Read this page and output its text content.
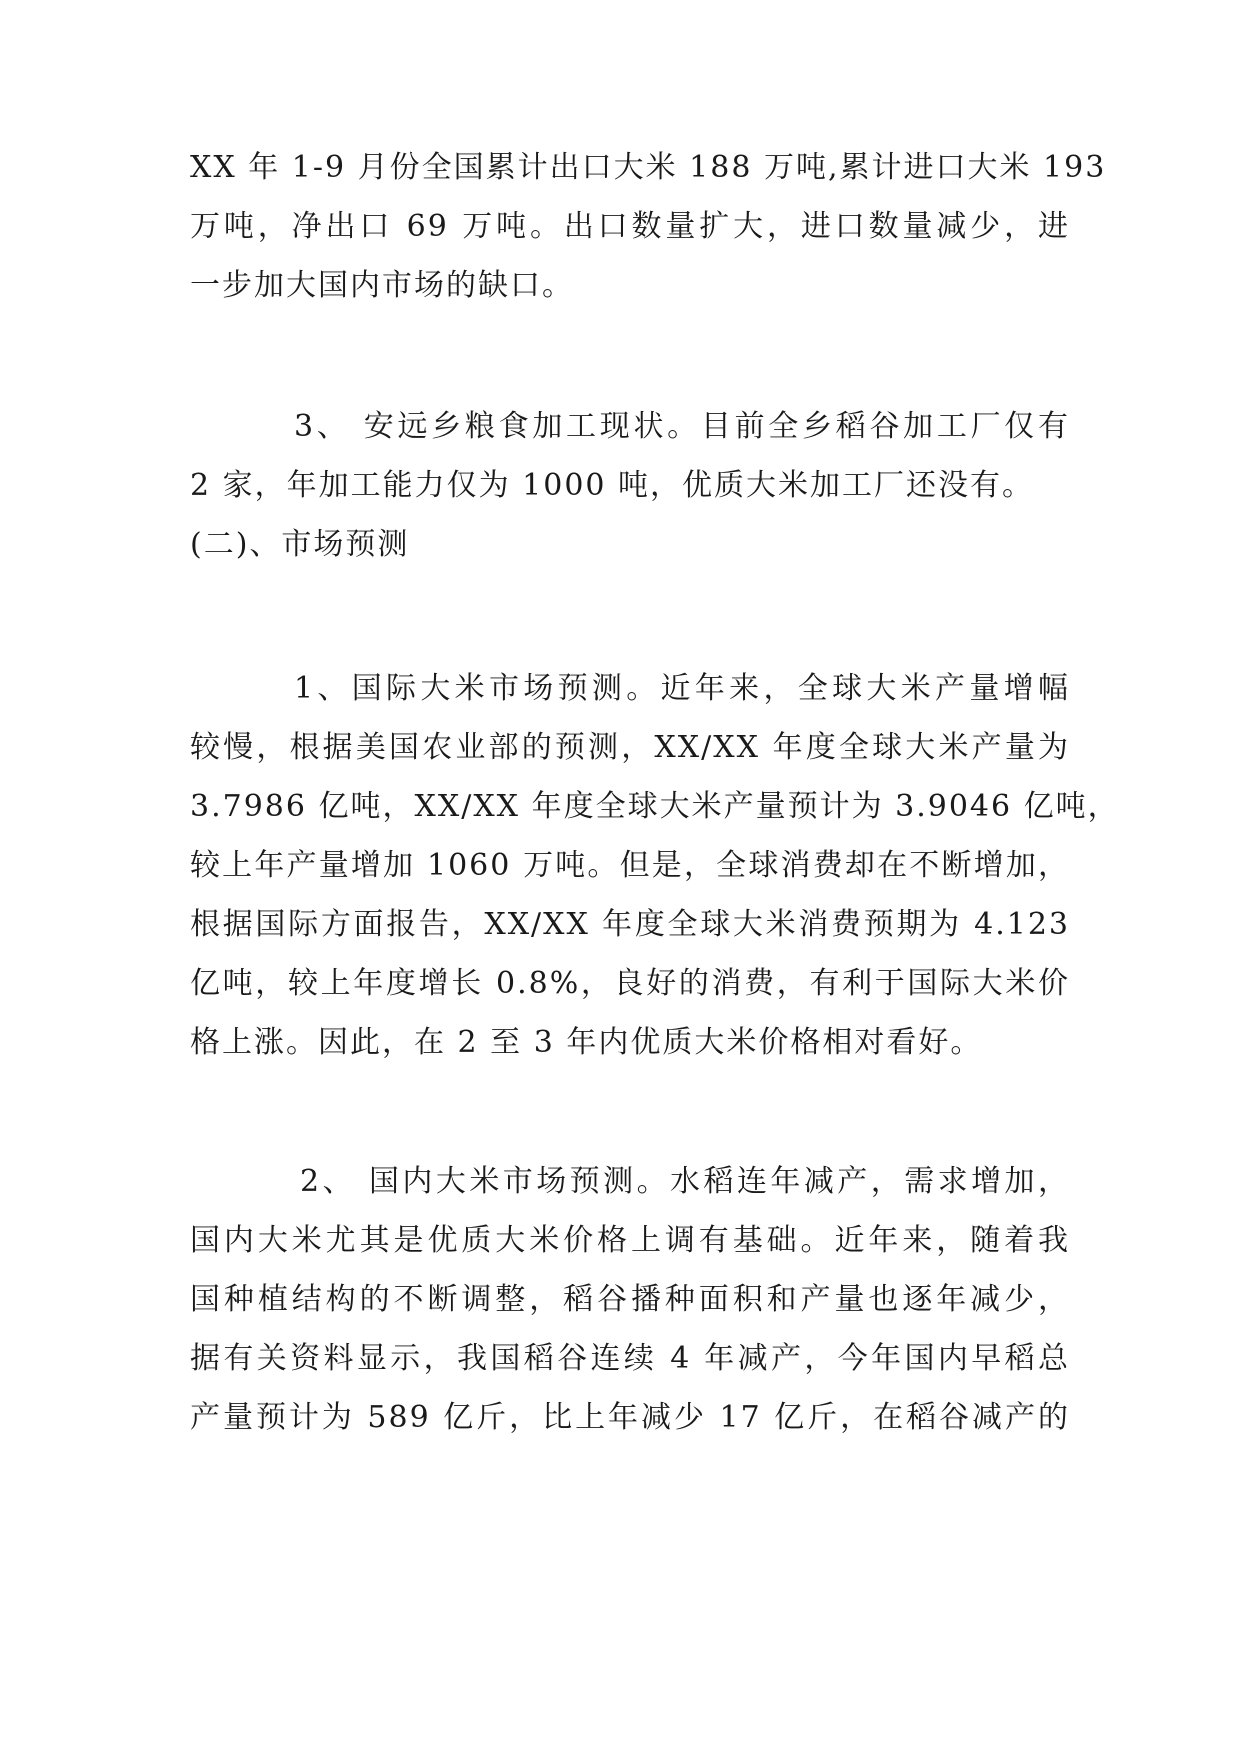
XX 年 1-9 月份全国累计出口大米 188 万吨,累计进口大米 193
万吨，净出口 69 万吨。出口数量扩大，进口数量减少，进
一步加大国内市场的缺口。
3、 安远乡粮食加工现状。目前全乡稻谷加工厂仅有
2 家，年加工能力仅为 1000 吨，优质大米加工厂还没有。
(二)、市场预测
1、国际大米市场预测。近年来，全球大米产量增幅
较慢，根据美国农业部的预测，XX/XX 年度全球大米产量为
3.7986 亿吨，XX/XX 年度全球大米产量预计为 3.9046 亿吨，
较上年产量增加 1060 万吨。但是，全球消费却在不断增加，
根据国际方面报告，XX/XX 年度全球大米消费预期为 4.123
亿吨，较上年度增长 0.8%，良好的消费，有利于国际大米价
格上涨。因此，在 2 至 3 年内优质大米价格相对看好。
2、 国内大米市场预测。水稻连年减产，需求增加，
国内大米尤其是优质大米价格上调有基础。近年来，随着我
国种植结构的不断调整，稻谷播种面积和产量也逐年减少，
据有关资料显示，我国稻谷连续 4 年减产，今年国内早稻总
产量预计为 589 亿斤，比上年减少 17 亿斤，在稻谷减产的
